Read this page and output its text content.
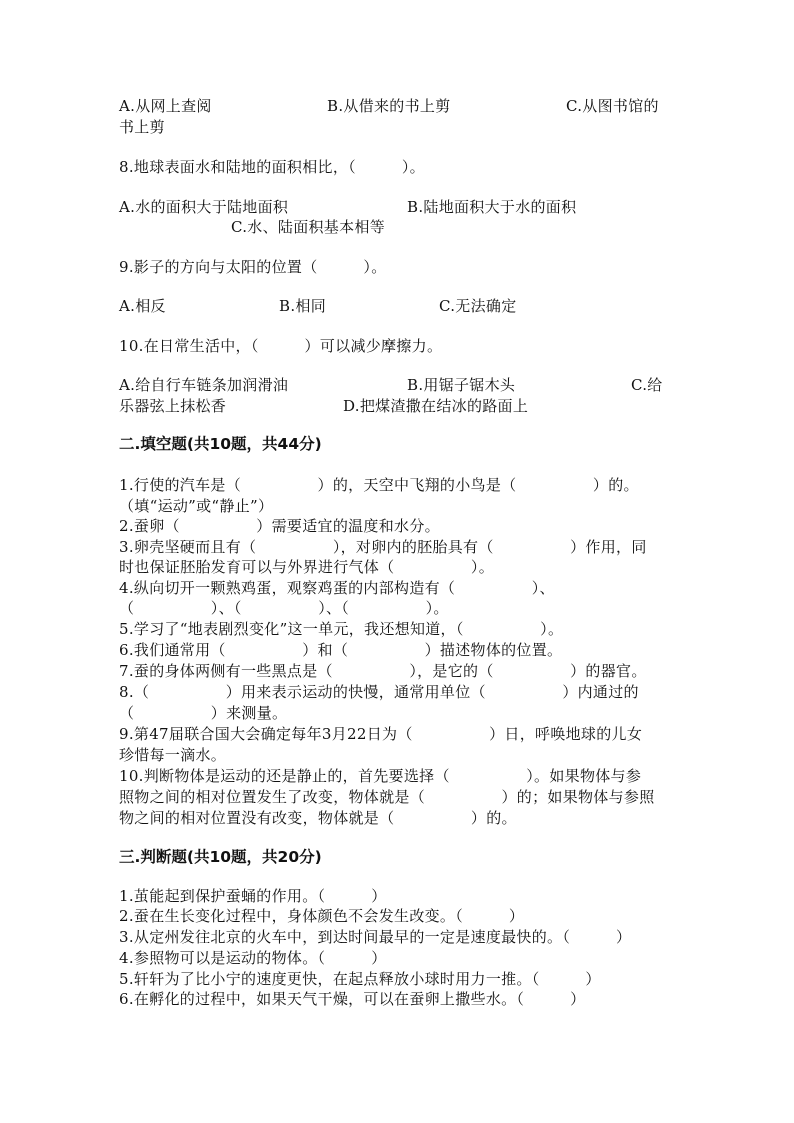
A.从网上查阅	B.从借来的书上剪	C.从图书馆的
书上剪
8.地球表面水和陆地的面积相比，（　　　）。
A.水的面积大于陆地面积	B.陆地面积大于水的面积
C.水、陆面积基本相等
9.影子的方向与太阳的位置（　　　）。
A.相反	B.相同	C.无法确定
10.在日常生活中，（　　　）可以减少摩擦力。
A.给自行车链条加润滑油	B.用锯子锯木头	C.给
乐器弦上抹松香	D.把煤渣撒在结冰的路面上
二.填空题(共10题，共44分)
1.行使的汽车是（　　　　　）的，天空中飞翔的小鸟是（　　　　　）的。
（填“运动”或“静止”）
2.蚕卵（　　　　　）需要适宜的温度和水分。
3.卵壳坚硬而且有（　　　　　），对卵内的胚胎具有（　　　　　）作用，同
时也保证胚胎发育可以与外界进行气体（　　　　　）。
4.纵向切开一颗熟鸡蛋，观察鸡蛋的内部构造有（　　　　　）、
（　　　　　）、（　　　　　）、（　　　　　）。
5.学习了“地表剧烈变化”这一单元，我还想知道，（　　　　　）。
6.我们通常用（　　　　　）和（　　　　　）描述物体的位置。
7.蚕的身体两侧有一些黑点是（　　　　　），是它的（　　　　　）的器官。
8.（　　　　　）用来表示运动的快慢，通常用单位（　　　　　）内通过的
（　　　　　）来测量。
9.第47届联合国大会确定每年3月22日为（　　　　　）日，呼唤地球的儿女
珍惜每一滴水。
10.判断物体是运动的还是静止的，首先要选择（　　　　　）。如果物体与参
照物之间的相对位置发生了改变，物体就是（　　　　　）的；如果物体与参照
物之间的相对位置没有改变，物体就是（　　　　　）的。
三.判断题(共10题，共20分)
1.茧能起到保护蚕蛹的作用。（　　　）
2.蚕在生长变化过程中，身体颜色不会发生改变。（　　　）
3.从定州发往北京的火车中，到达时间最早的一定是速度最快的。（　　　）
4.参照物可以是运动的物体。（　　　）
5.轩轩为了比小宁的速度更快，在起点释放小球时用力一推。（　　　）
6.在孵化的过程中，如果天气干燥，可以在蚕卵上撒些水。（　　　）
